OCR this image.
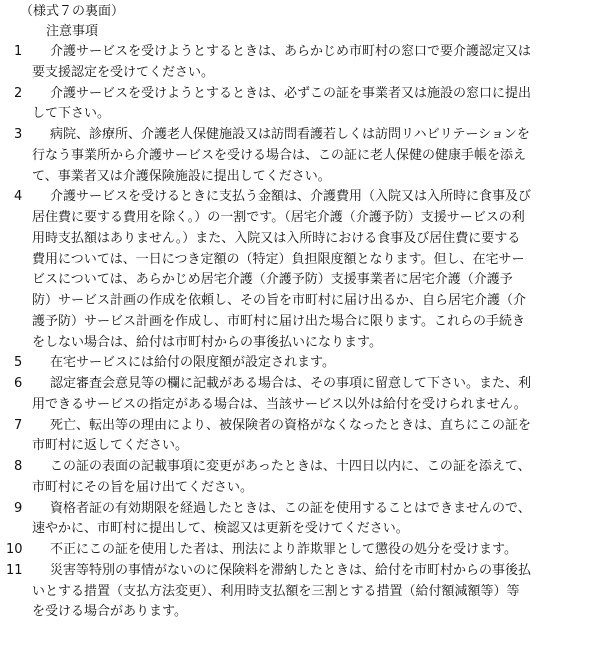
（様式７の裏面）
注意事項
1 介護サービスを受けようとするときは、あらかじめ市町村の窓口で要介護認定又は
要支援認定を受けてください。
2 介護サービスを受けようとするときは、必ずこの証を事業者又は施設の窓口に提出
して下さい。
3 病院、診療所、介護老人保健施設又は訪問看護若しくは訪問リハビリテーションを
行なう事業所から介護サービスを受ける場合は、この証に老人保健の健康手帳を添え
て、事業者又は介護保険施設に提出してください。
4 介護サービスを受けるときに支払う金額は、介護費用（入院又は入所時に食事及び
居住費に要する費用を除く。）の一割です。（居宅介護（介護予防）支援サービスの利
用時支払額はありません。）また、入院又は入所時における食事及び居住費に要する
費用については、一日につき定額の（特定）負担限度額となります。但し、在宅サー
ビスについては、あらかじめ居宅介護（介護予防）支援事業者に居宅介護（介護予
防）サービス計画の作成を依頼し、その旨を市町村に届け出るか、自ら居宅介護（介
護予防）サービス計画を作成し、市町村に届け出た場合に限ります。これらの手続き
をしない場合は、給付は市町村からの事後払いになります。
5 在宅サービスには給付の限度額が設定されます。
6 認定審査会意見等の欄に記載がある場合は、その事項に留意して下さい。また、利
用できるサービスの指定がある場合は、当該サービス以外は給付を受けられません。
7 死亡、転出等の理由により、被保険者の資格がなくなったときは、直ちにこの証を
市町村に返してください。
8 この証の表面の記載事項に変更があったときは、十四日以内に、この証を添えて、
市町村にその旨を届け出てください。
9 資格者証の有効期限を経過したときは、この証を使用することはできませんので、
速やかに、市町村に提出して、検認又は更新を受けてください。
10 不正にこの証を使用した者は、刑法により詐欺罪として懲役の処分を受けます。
11 災害等特別の事情がないのに保険料を滞納したときは、給付を市町村からの事後払
いとする措置（支払方法変更）、利用時支払額を三割とする措置（給付額減額等）等
を受ける場合があります。
